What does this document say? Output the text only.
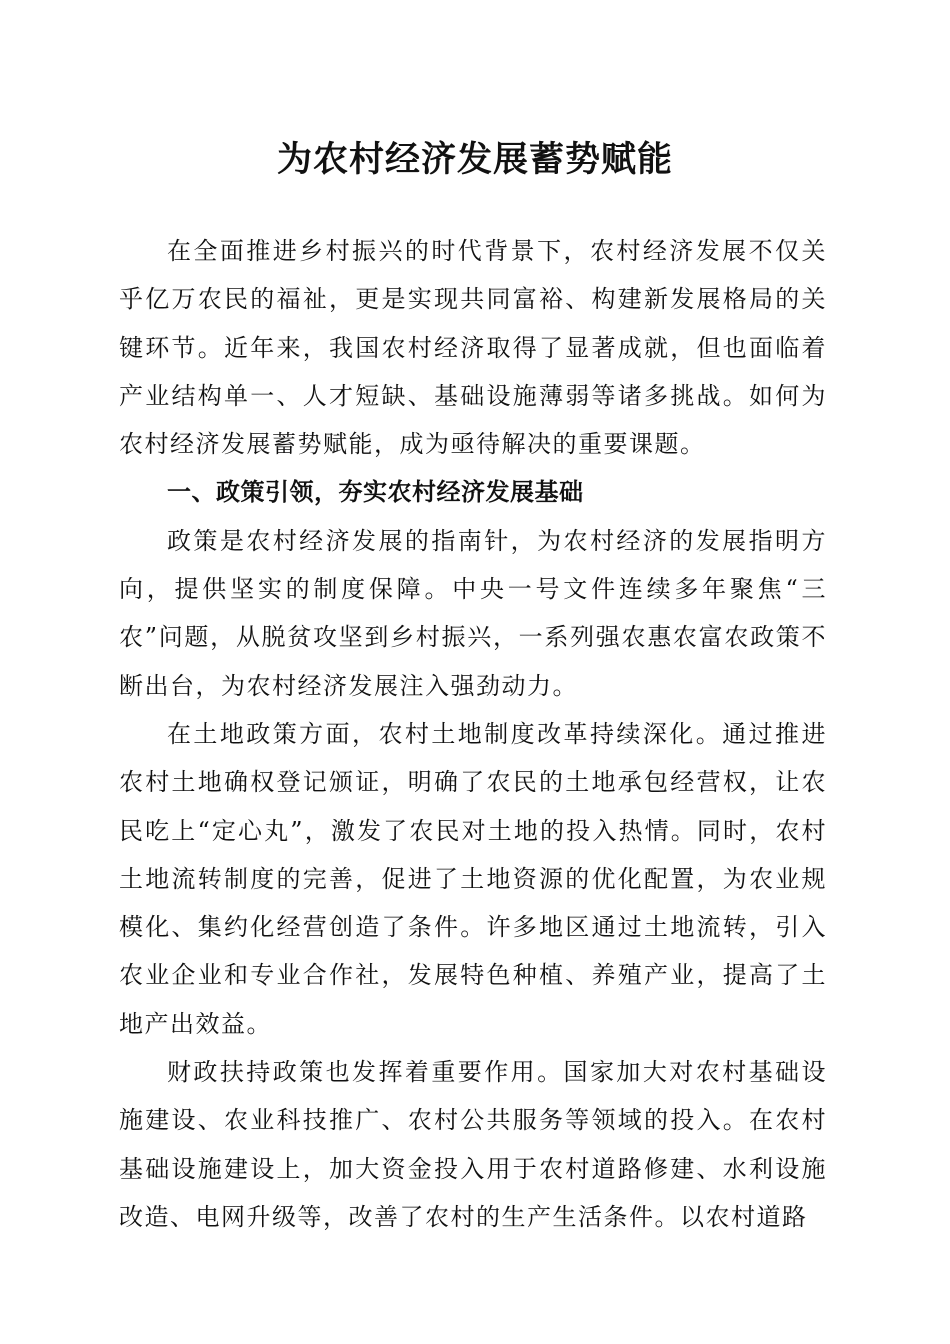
为农村经济发展蓄势赋能

在全面推进乡村振兴的时代背景下，农村经济发展不仅关乎亿万农民的福祉，更是实现共同富裕、构建新发展格局的关键环节。近年来，我国农村经济取得了显著成就，但也面临着产业结构单一、人才短缺、基础设施薄弱等诸多挑战。如何为农村经济发展蓄势赋能，成为亟待解决的重要课题。

一、政策引领，夯实农村经济发展基础

政策是农村经济发展的指南针，为农村经济的发展指明方向，提供坚实的制度保障。中央一号文件连续多年聚焦“三农”问题，从脱贫攻坚到乡村振兴，一系列强农惠农富农政策不断出台，为农村经济发展注入强劲动力。

在土地政策方面，农村土地制度改革持续深化。通过推进农村土地确权登记颁证，明确了农民的土地承包经营权，让农民吃上“定心丸”，激发了农民对土地的投入热情。同时，农村土地流转制度的完善，促进了土地资源的优化配置，为农业规模化、集约化经营创造了条件。许多地区通过土地流转，引入农业企业和专业合作社，发展特色种植、养殖产业，提高了土地产出效益。

财政扶持政策也发挥着重要作用。国家加大对农村基础设施建设、农业科技推广、农村公共服务等领域的投入。在农村基础设施建设上，加大资金投入用于农村道路修建、水利设施改造、电网升级等，改善了农村的生产生活条件。以农村道路
